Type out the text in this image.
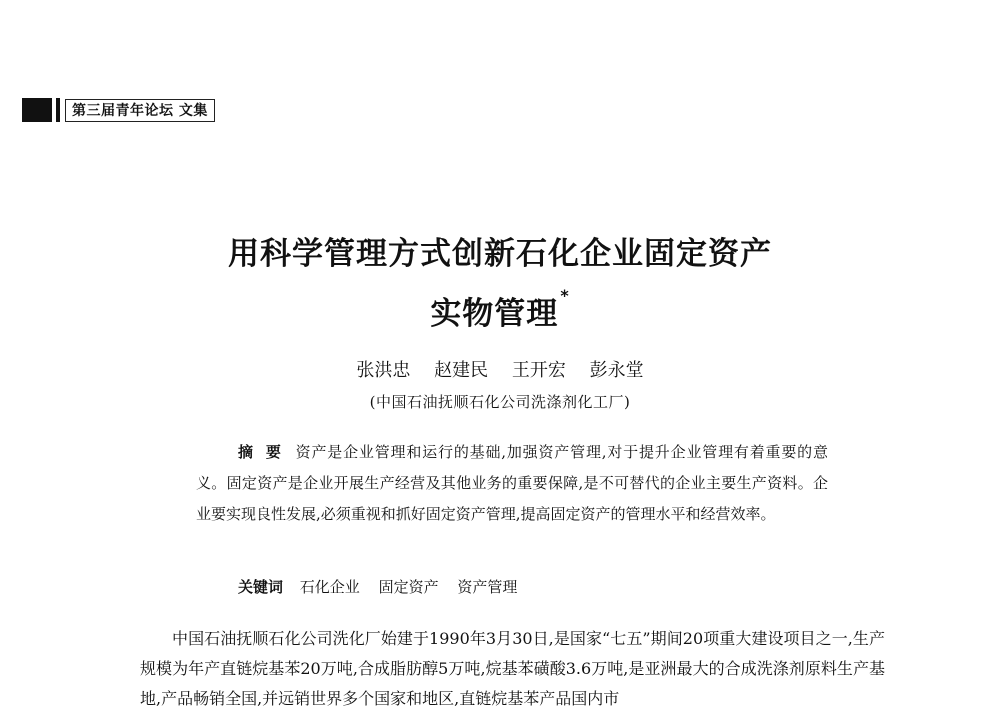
第三届青年论坛 文集
用科学管理方式创新石化企业固定资产
实物管理*
张洪忠 赵建民 王开宏 彭永堂
(中国石油抚顺石化公司洗涤剂化工厂)

摘要 资产是企业管理和运行的基础,加强资产管理,对于提升企业管理有着重要的意义。固定资产是企业开展生产经营及其他业务的重要保障,是不可替代的企业主要生产资料。企业要实现良性发展,必须重视和抓好固定资产管理,提高固定资产的管理水平和经营效率。

关键词 石化企业 固定资产 资产管理

中国石油抚顺石化公司洗化厂始建于1990年3月30日,是国家“七五”期间20项重大建设项目之一,生产规模为年产直链烷基苯20万吨,合成脂肪醇5万吨,烷基苯磺酸3.6万吨,是亚洲最大的合成洗涤剂原料生产基地,产品畅销全国,并远销世界多个国家和地区,直链烷基苯产品国内市
